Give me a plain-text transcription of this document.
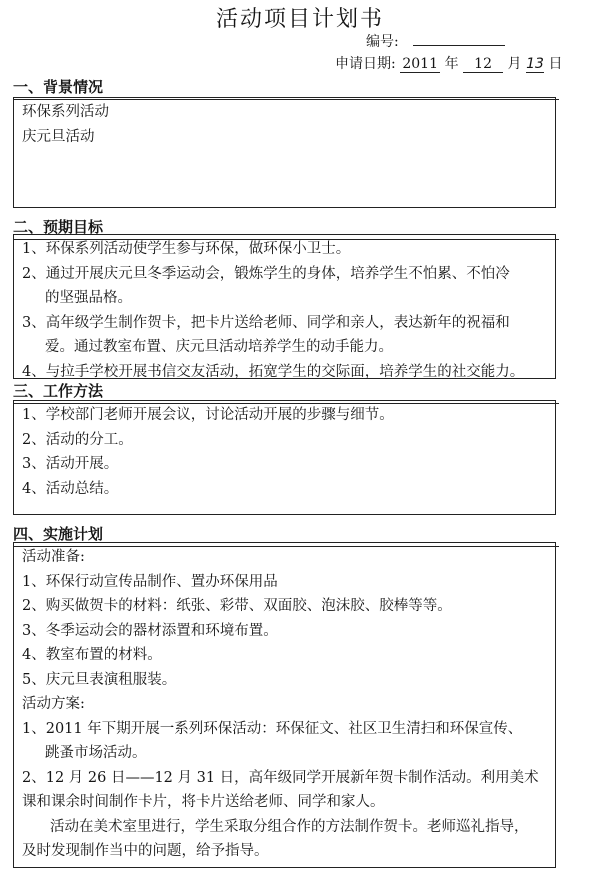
活动项目计划书
编号:
申请日期: 2011 年 12 月 13 日
一、背景情况
环保系列活动
庆元旦活动
二、预期目标
1、环保系列活动使学生参与环保，做环保小卫士。
2、通过开展庆元旦冬季运动会，锻炼学生的身体，培养学生不怕累、不怕冷
的坚强品格。
3、高年级学生制作贺卡，把卡片送给老师、同学和亲人，表达新年的祝福和
爱。通过教室布置、庆元旦活动培养学生的动手能力。
4、与拉手学校开展书信交友活动，拓宽学生的交际面，培养学生的社交能力。
三、工作方法
1、学校部门老师开展会议，讨论活动开展的步骤与细节。
2、活动的分工。
3、活动开展。
4、活动总结。
四、实施计划
活动准备:
1、环保行动宣传品制作、置办环保用品
2、购买做贺卡的材料：纸张、彩带、双面胶、泡沫胶、胶棒等等。
3、冬季运动会的器材添置和环境布置。
4、教室布置的材料。
5、庆元旦表演租服装。
活动方案:
1、2011 年下期开展一系列环保活动：环保征文、社区卫生清扫和环保宣传、
跳蚤市场活动。
2、12 月 26 日——12 月 31 日，高年级同学开展新年贺卡制作活动。利用美术
课和课余时间制作卡片，将卡片送给老师、同学和家人。
活动在美术室里进行，学生采取分组合作的方法制作贺卡。老师巡礼指导，
及时发现制作当中的问题，给予指导。
